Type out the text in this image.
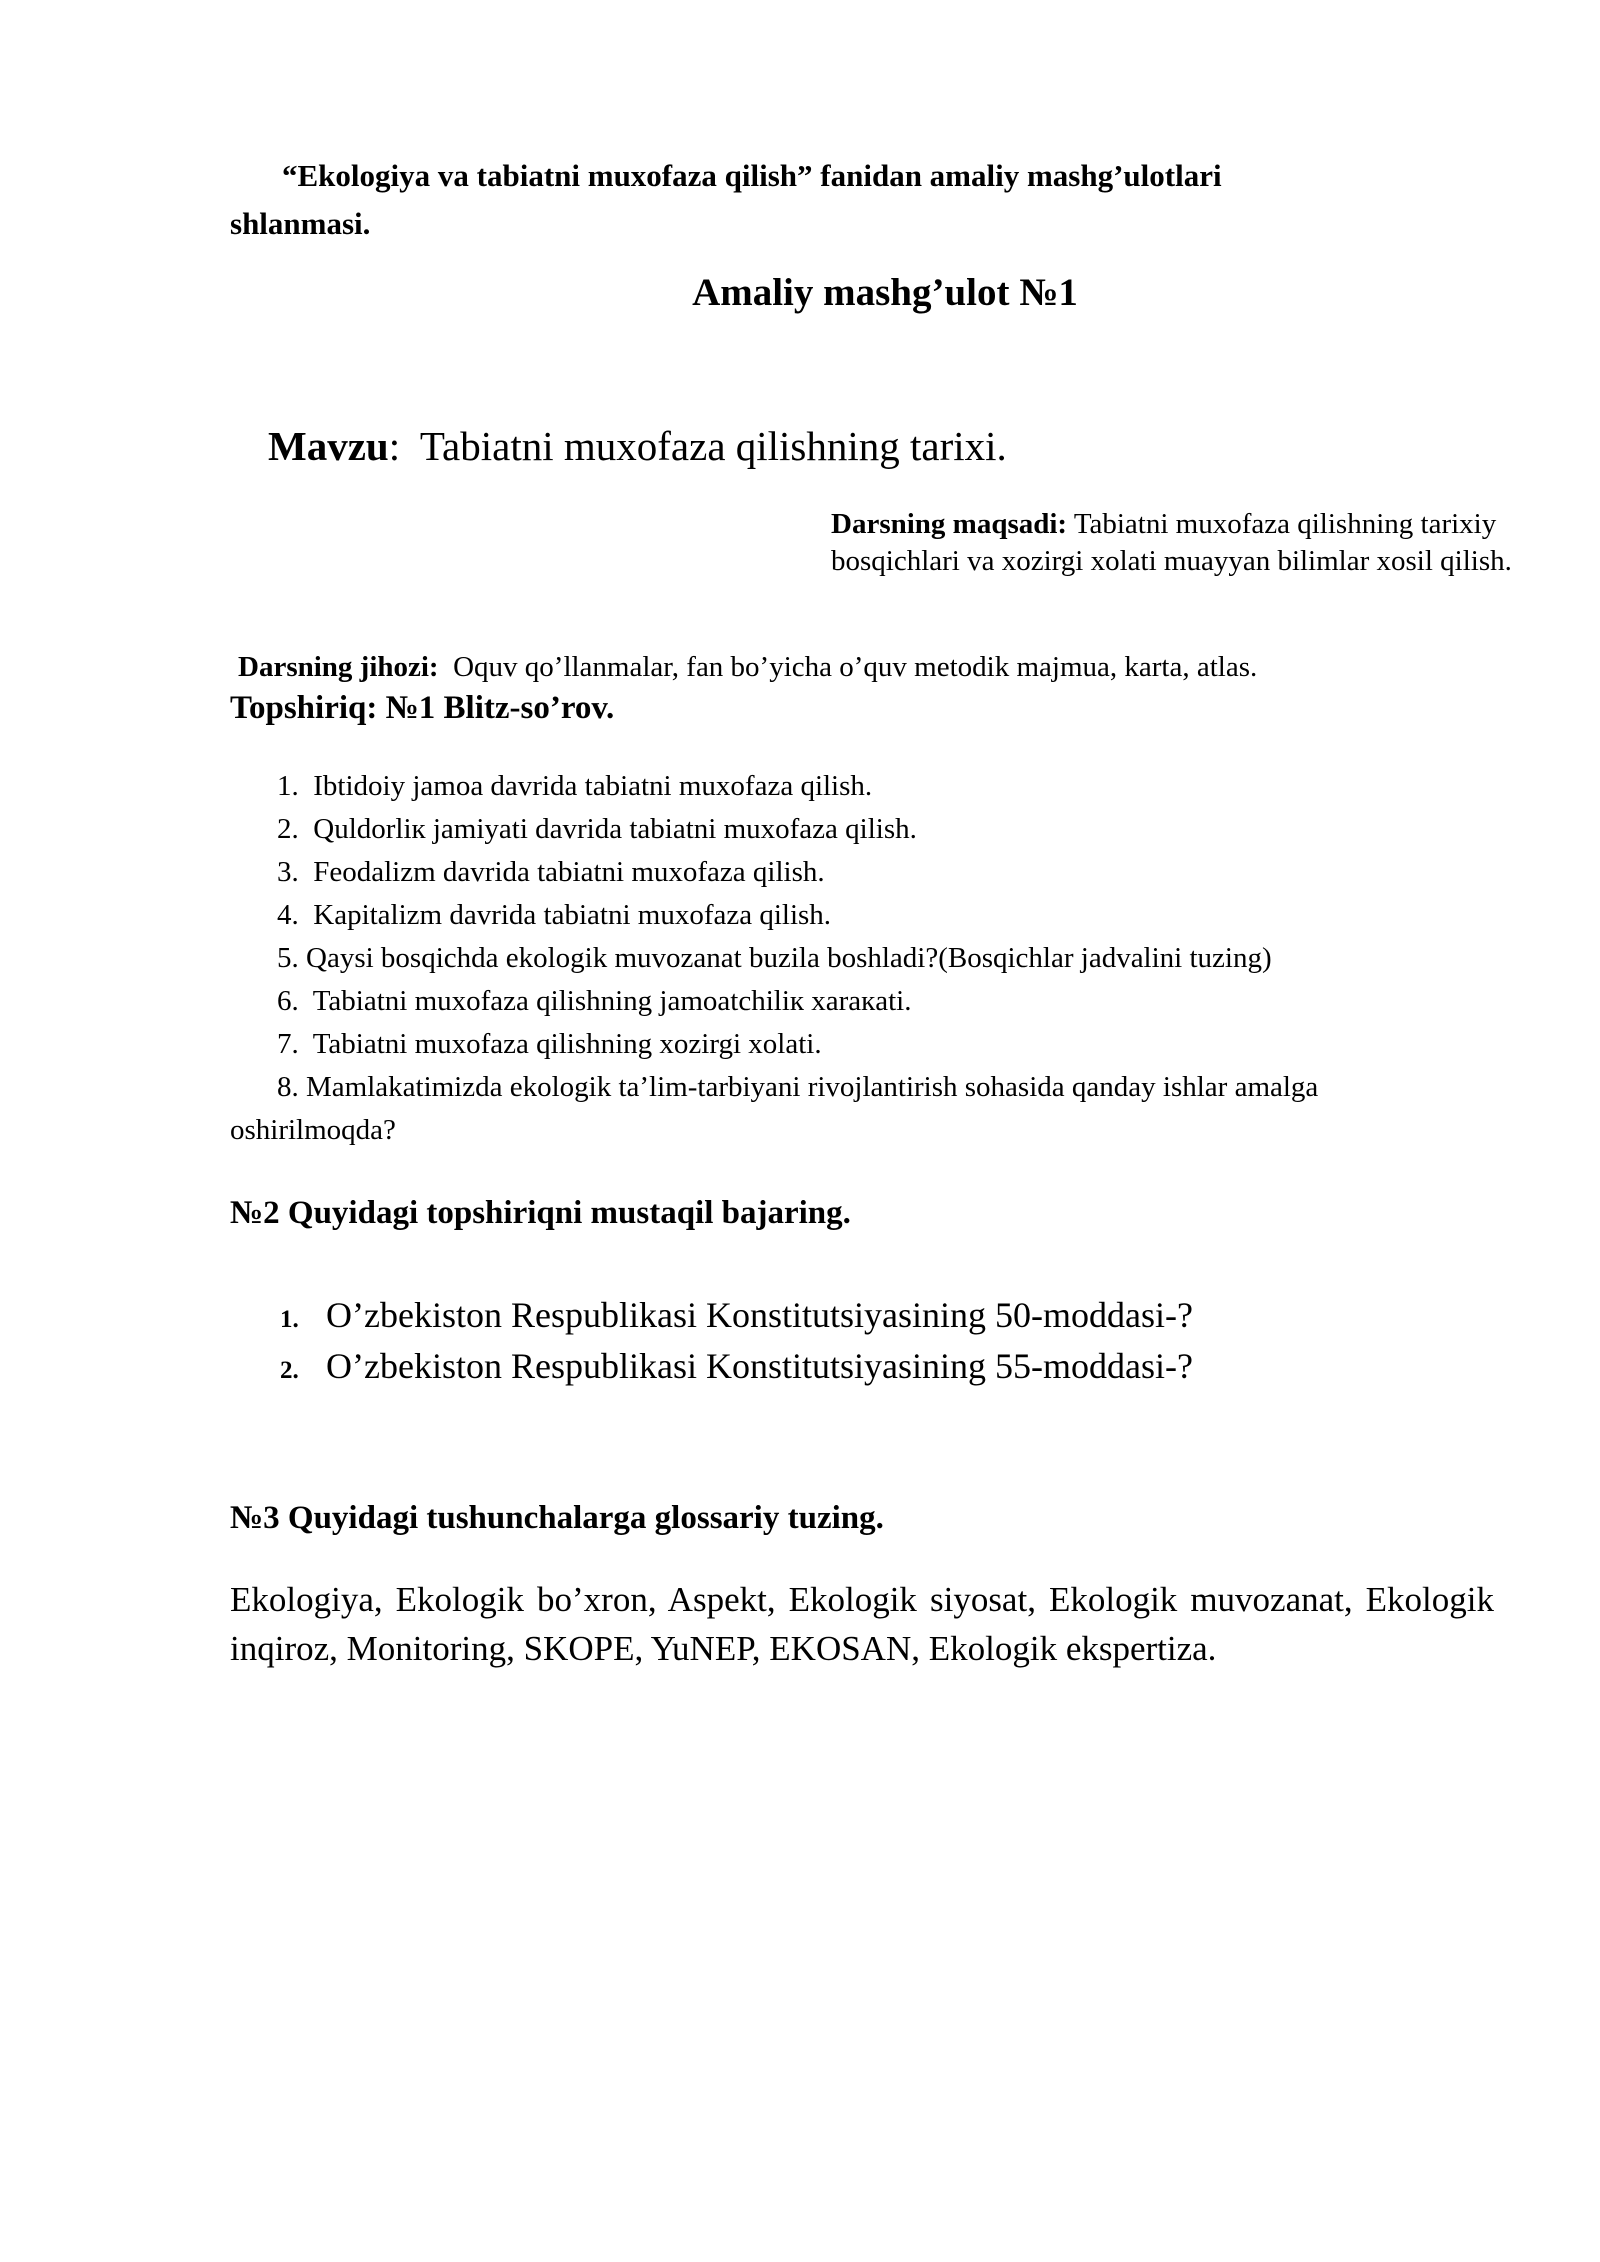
“Ekologiya va tabiatni muxofaza qilish” fanidan amaliy mashg’ulotlari
shlanmasi.
Amaliy mashg’ulot №1
Mavzu: Tabiatni muxofaza qilishning tarixi.
Darsning maqsadi: Tabiatni muxofaza qilishning tarixiy bosqichlari va xozirgi xolati muayyan bilimlar xosil qilish.
Darsning jihozi: Oquv qo’llanmalar, fan bo’yicha o’quv metodik majmua, karta, atlas.
Topshiriq: №1 Blitz-so’rov.
1. Ibtidoiy jamoa davrida tabiatni muxofaza qilish.
2. Quldorliк jamiyati davrida tabiatni muxofaza qilish.
3. Feodalizm davrida tabiatni muxofaza qilish.
4. Kapitalizm davrida tabiatni muxofaza qilish.
5. Qaysi bosqichda ekologik muvozanat buzila boshladi?(Bosqichlar jadvalini tuzing)
6. Tabiatni muxofaza qilishning jamoatchiliк хaraкati.
7. Tabiatni muxofaza qilishning xozirgi xolati.
8. Mamlakatimizda ekologik ta’lim-tarbiyani rivojlantirish sohasida qanday ishlar amalga
oshirilmoqda?
№2 Quyidagi topshiriqni mustaqil bajaring.
1. O’zbekiston Respublikasi Konstitutsiyasining 50-moddasi-?
2. O’zbekiston Respublikasi Konstitutsiyasining 55-moddasi-?
№3 Quyidagi tushunchalarga glossariy tuzing.
Ekologiya, Ekologik bo’xron, Aspekt, Ekologik siyosat, Ekologik muvozanat, Ekologik inqiroz, Monitoring, SKOPE, YuNEP, EKOSAN, Ekologik ekspertiza.
